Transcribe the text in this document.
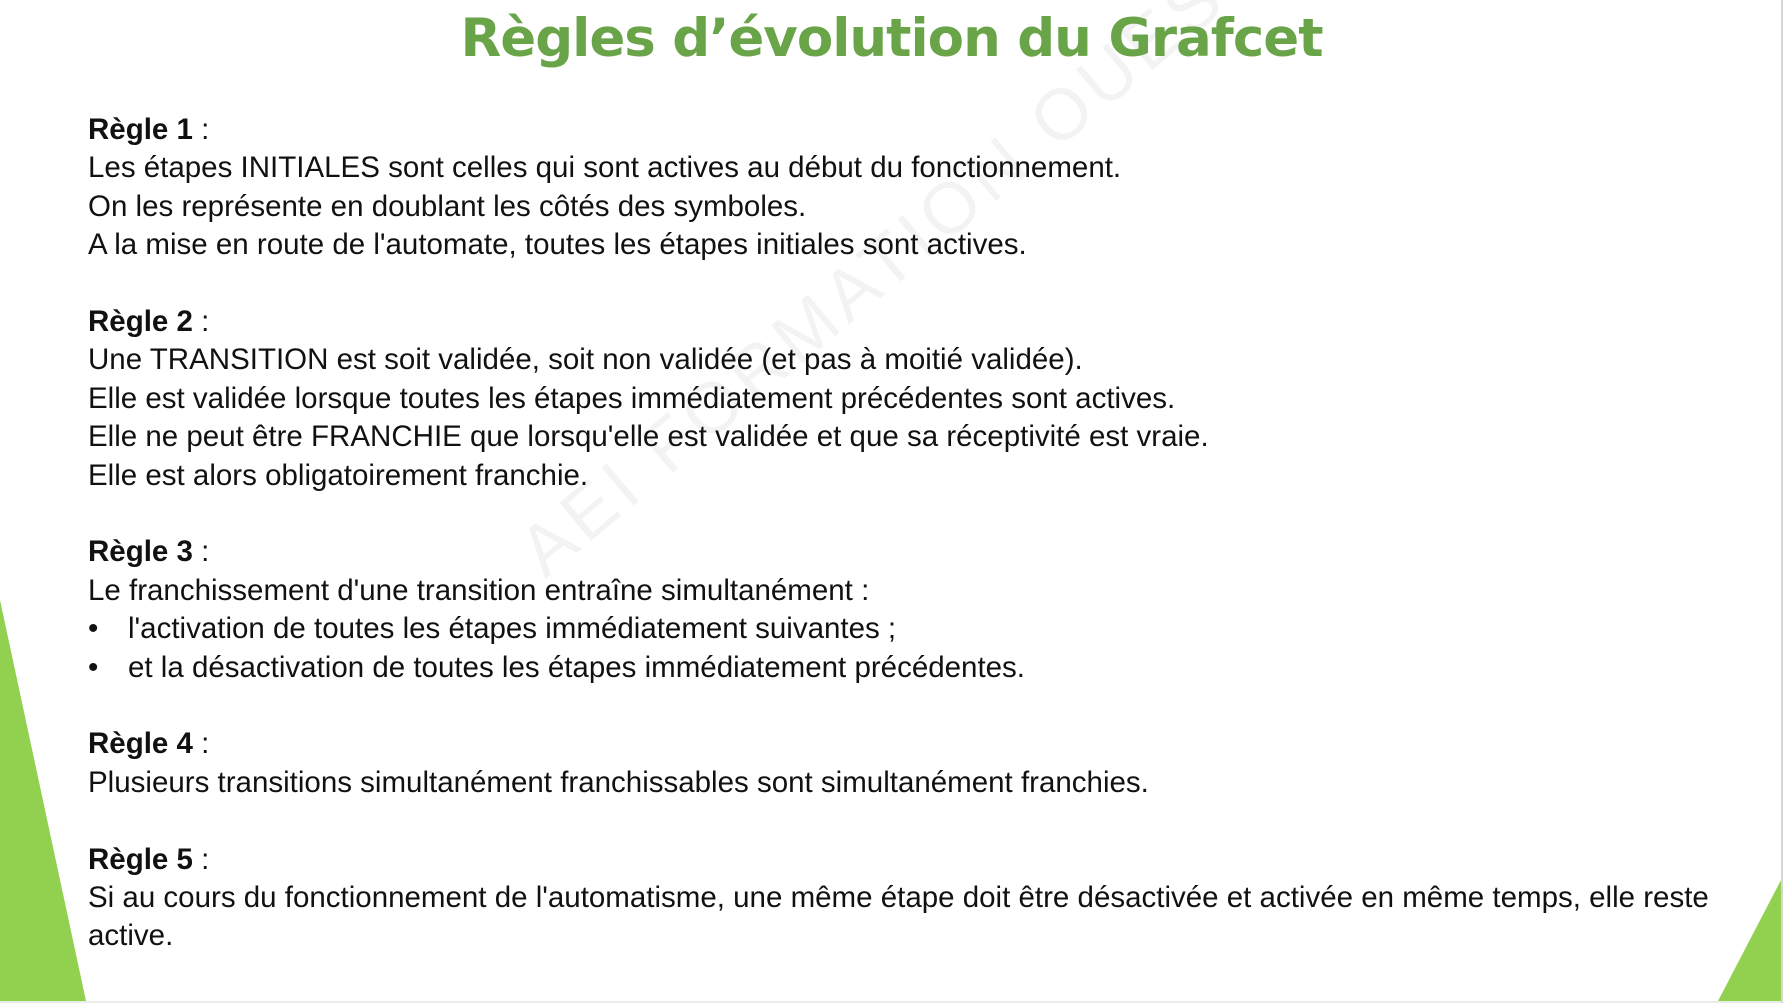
Règles d’évolution du Grafcet
Règle 1 :
Les étapes INITIALES sont celles qui sont actives au début du fonctionnement.
On les représente en doublant les côtés des symboles.
A la mise en route de l'automate, toutes les étapes initiales sont actives.
Règle 2 :
Une TRANSITION est soit validée, soit non validée (et pas à moitié validée).
Elle est validée lorsque toutes les étapes immédiatement précédentes sont actives.
Elle ne peut être FRANCHIE que lorsqu'elle est validée et que sa réceptivité est vraie.
Elle est alors obligatoirement franchie.
Règle 3 :
Le franchissement d'une transition entraîne simultanément :
• l'activation de toutes les étapes immédiatement suivantes ;
• et la désactivation de toutes les étapes immédiatement précédentes.
Règle 4 :
Plusieurs transitions simultanément franchissables sont simultanément franchies.
Règle 5 :
Si au cours du fonctionnement de l'automatisme, une même étape doit être désactivée et activée en même temps, elle reste active.
